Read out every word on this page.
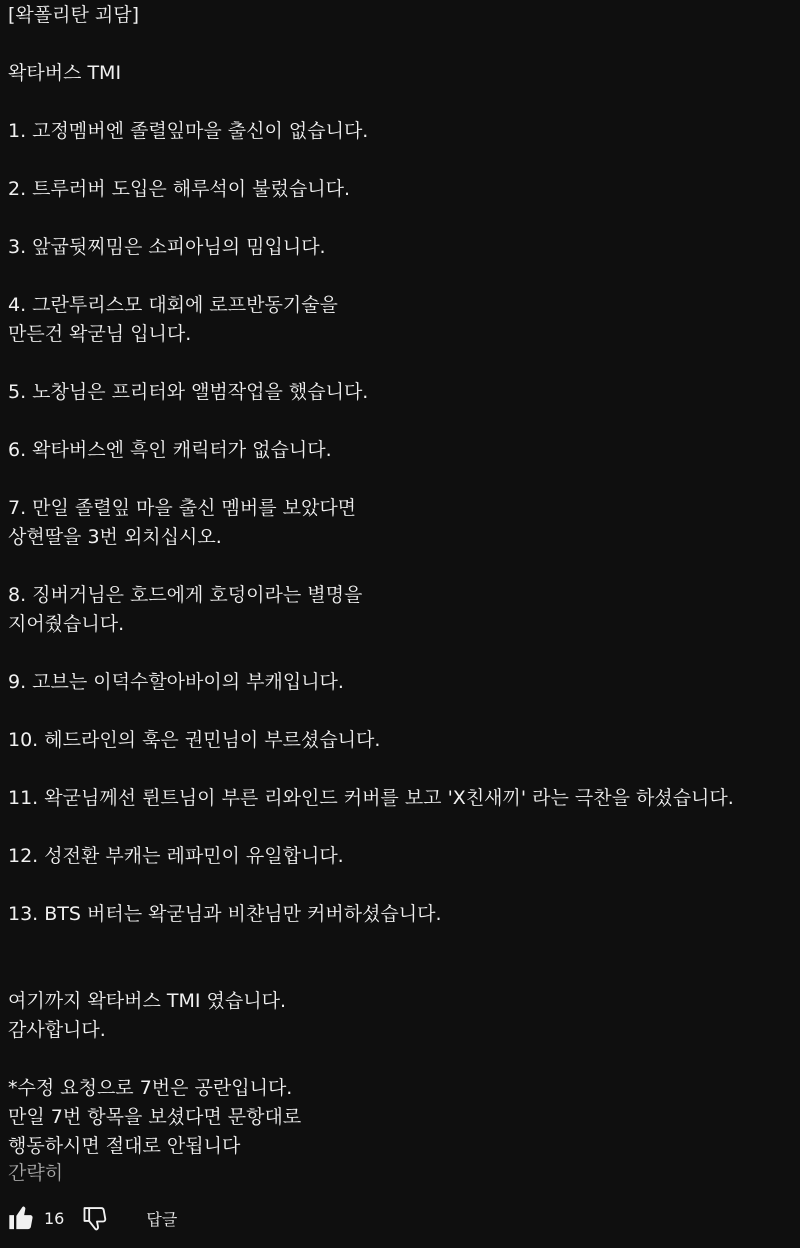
[왁폴리탄 괴담]
왁타버스 TMI
1. 고정멤버엔 졸렬잎마을 출신이 없습니다.
2. 트루러버 도입은 해루석이 불렀습니다.
3. 앞굽뒷찌밈은 소피아님의 밈입니다.
4. 그란투리스모 대회에 로프반동기술을
만든건 왁굳님 입니다.
5. 노창님은 프리터와 앨범작업을 했습니다.
6. 왁타버스엔 흑인 캐릭터가 없습니다.
7. 만일 졸렬잎 마을 출신 멤버를 보았다면
상현딸을 3번 외치십시오.
8. 징버거님은 호드에게 호덩이라는 별명을
지어줬습니다.
9. 고브는 이덕수할아바이의 부캐입니다.
10. 헤드라인의 훅은 권민님이 부르셨습니다.
11. 왁굳님께선 륀트님이 부른 리와인드 커버를 보고 'X친새끼' 라는 극찬을 하셨습니다.
12. 성전환 부캐는 레파민이 유일합니다.
13. BTS 버터는 왁굳님과 비챤님만 커버하셨습니다.
여기까지 왁타버스 TMI 였습니다.
감사합니다.
*수정 요청으로 7번은 공란입니다.
만일 7번 항목을 보셨다면 문항대로
행동하시면 절대로 안됩니다
간략히
16	답글
